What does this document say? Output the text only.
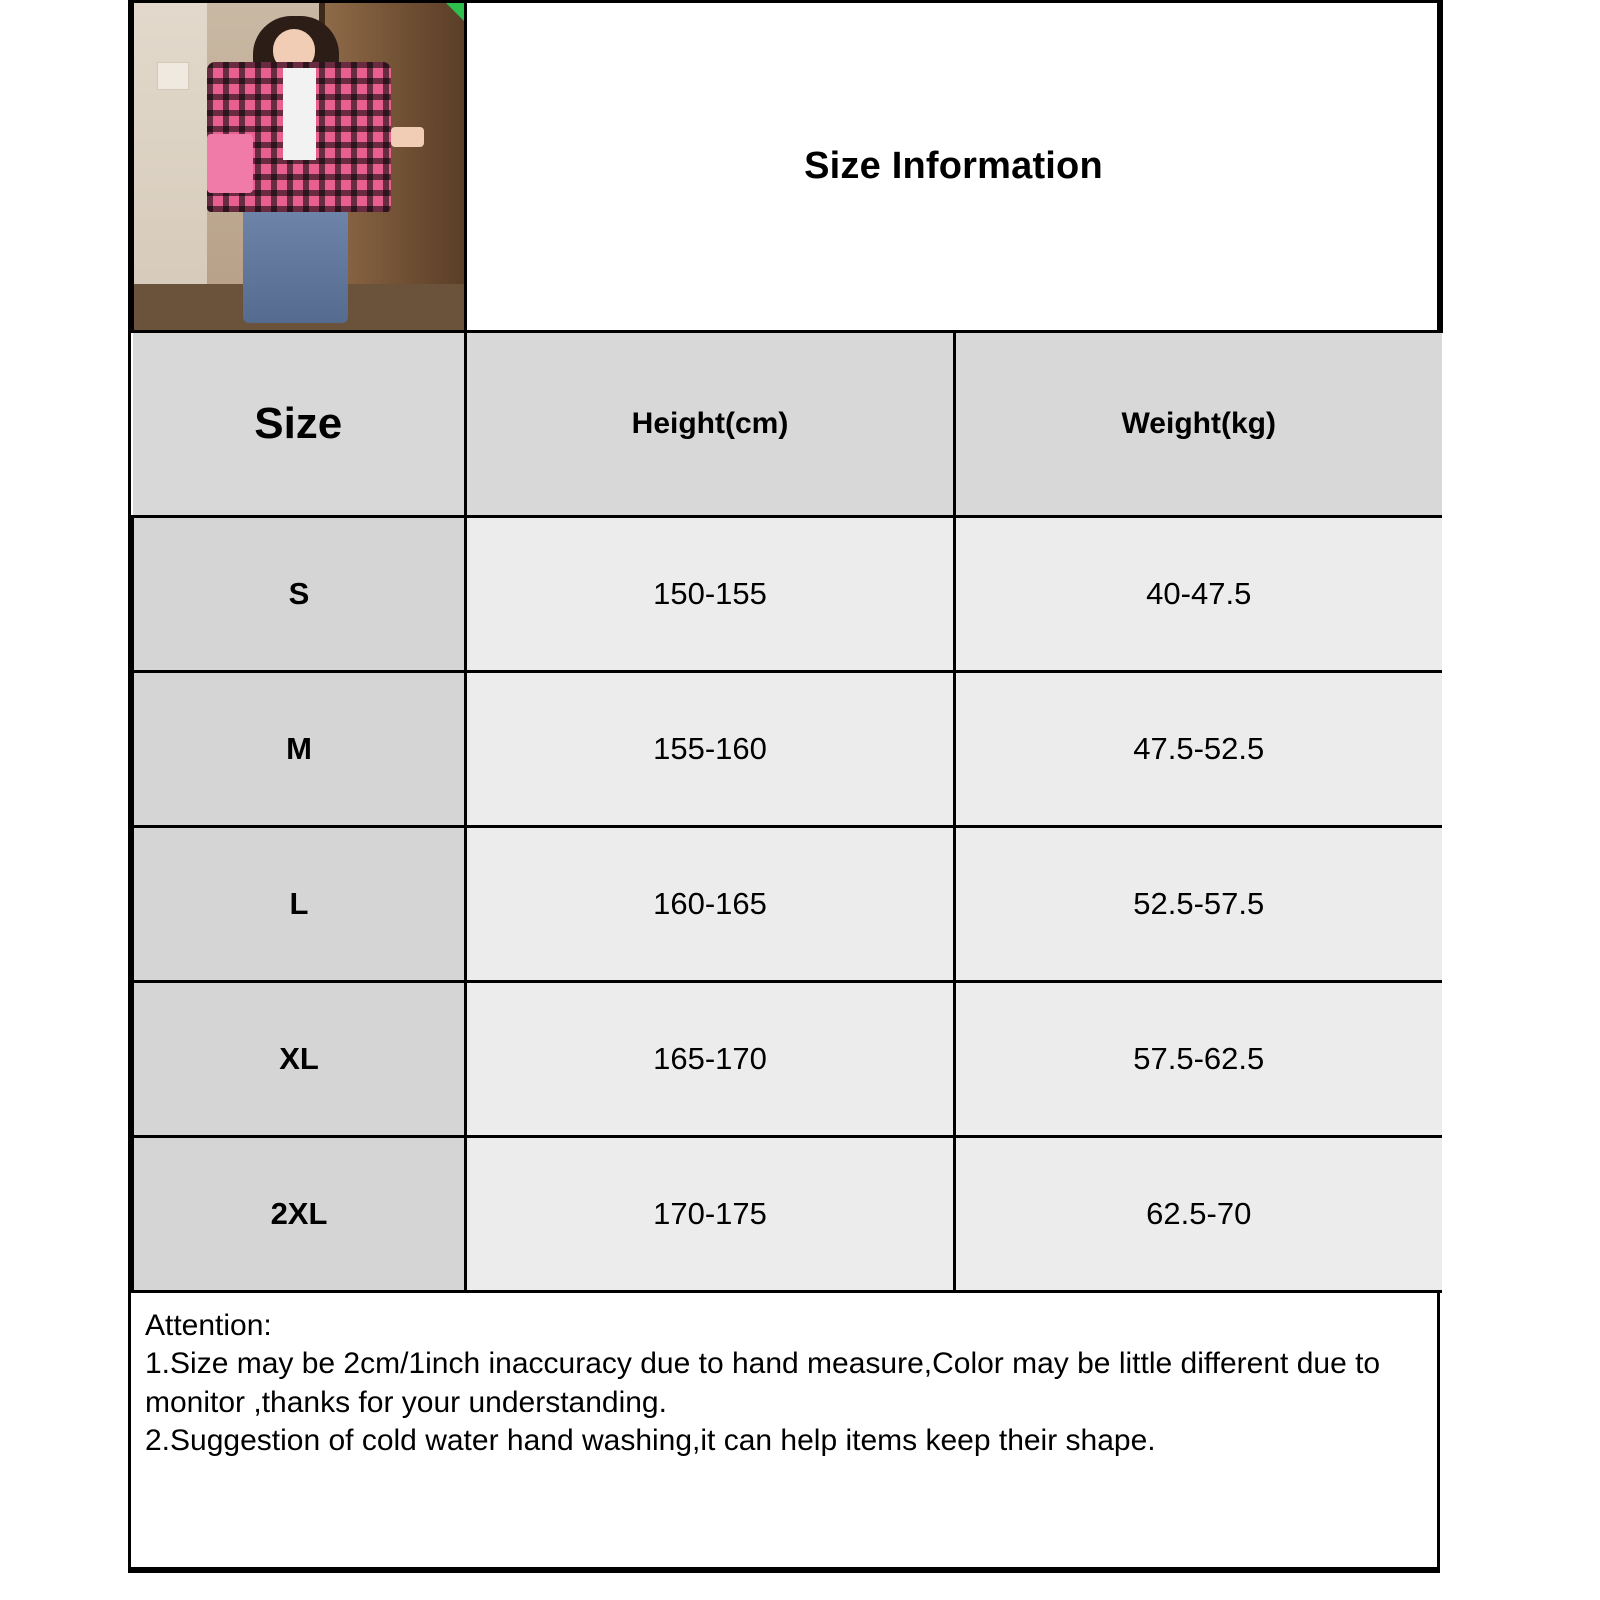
	Size Information	
Size	Height(cm)	Weight(kg)
S	150-155	40-47.5
M	155-160	47.5-52.5
L	160-165	52.5-57.5
XL	165-170	57.5-62.5
2XL	170-175	62.5-70

Attention:

1.Size may be 2cm/1inch inaccuracy due to hand measure,Color may be little different due to monitor ,thanks for your understanding.

2.Suggestion of cold water hand washing,it can help items keep their shape.
